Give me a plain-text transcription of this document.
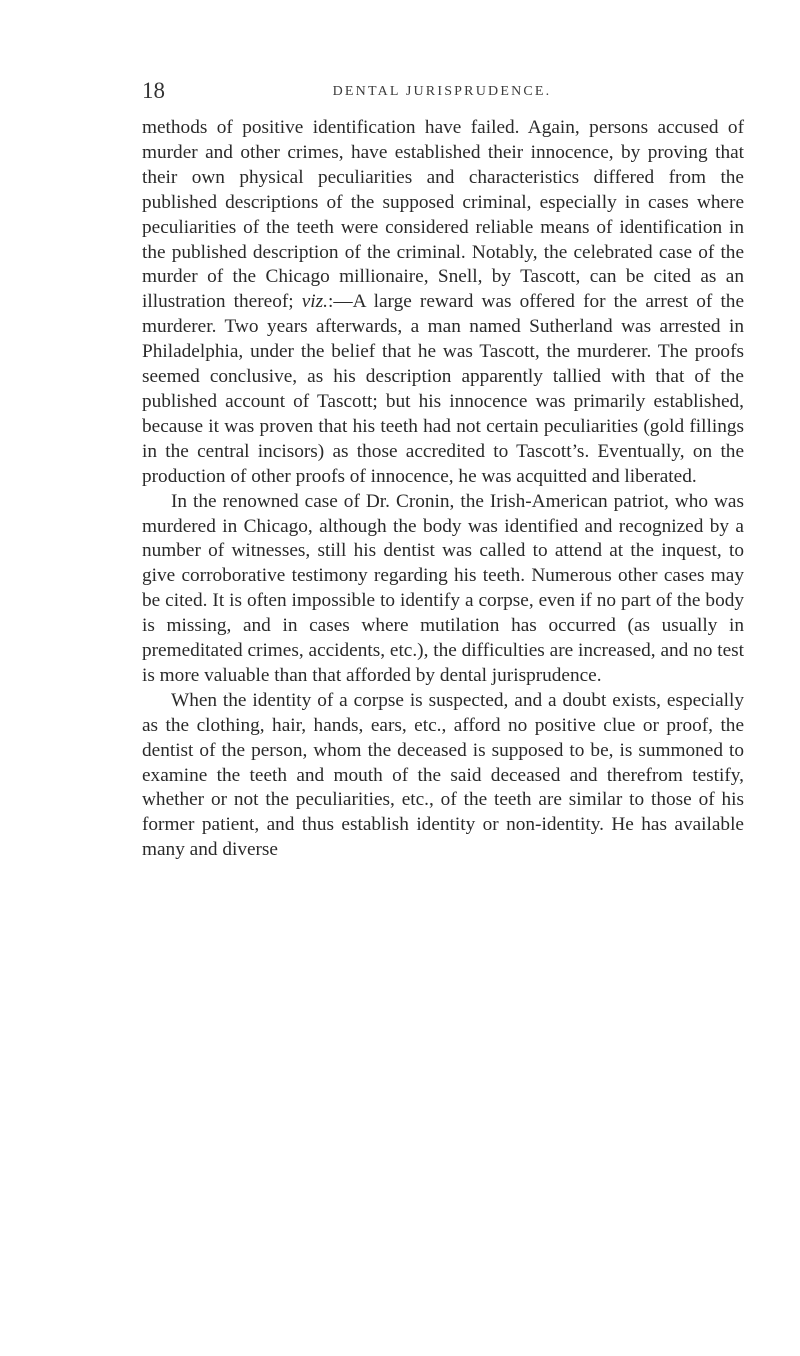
18	DENTAL JURISPRUDENCE.

methods of positive identification have failed. Again, persons accused of murder and other crimes, have established their innocence, by proving that their own physical peculiarities and characteristics differed from the published descriptions of the supposed criminal, especially in cases where peculiarities of the teeth were considered reliable means of identification in the published description of the criminal. Notably, the celebrated case of the murder of the Chicago millionaire, Snell, by Tascott, can be cited as an illustration thereof; viz.:—A large reward was offered for the arrest of the murderer. Two years afterwards, a man named Sutherland was arrested in Philadelphia, under the belief that he was Tascott, the murderer. The proofs seemed conclusive, as his description apparently tallied with that of the published account of Tascott; but his innocence was primarily established, because it was proven that his teeth had not certain peculiarities (gold fillings in the central incisors) as those accredited to Tascott’s. Eventually, on the production of other proofs of innocence, he was acquitted and liberated.

In the renowned case of Dr. Cronin, the Irish-American patriot, who was murdered in Chicago, although the body was identified and recognized by a number of witnesses, still his dentist was called to attend at the inquest, to give corroborative testimony regarding his teeth. Numerous other cases may be cited. It is often impossible to identify a corpse, even if no part of the body is missing, and in cases where mutilation has occurred (as usually in premeditated crimes, accidents, etc.), the difficulties are increased, and no test is more valuable than that afforded by dental jurisprudence.

When the identity of a corpse is suspected, and a doubt exists, especially as the clothing, hair, hands, ears, etc., afford no positive clue or proof, the dentist of the person, whom the deceased is supposed to be, is summoned to examine the teeth and mouth of the said deceased and therefrom testify, whether or not the peculiarities, etc., of the teeth are similar to those of his former patient, and thus establish identity or non-identity. He has available many and diverse
